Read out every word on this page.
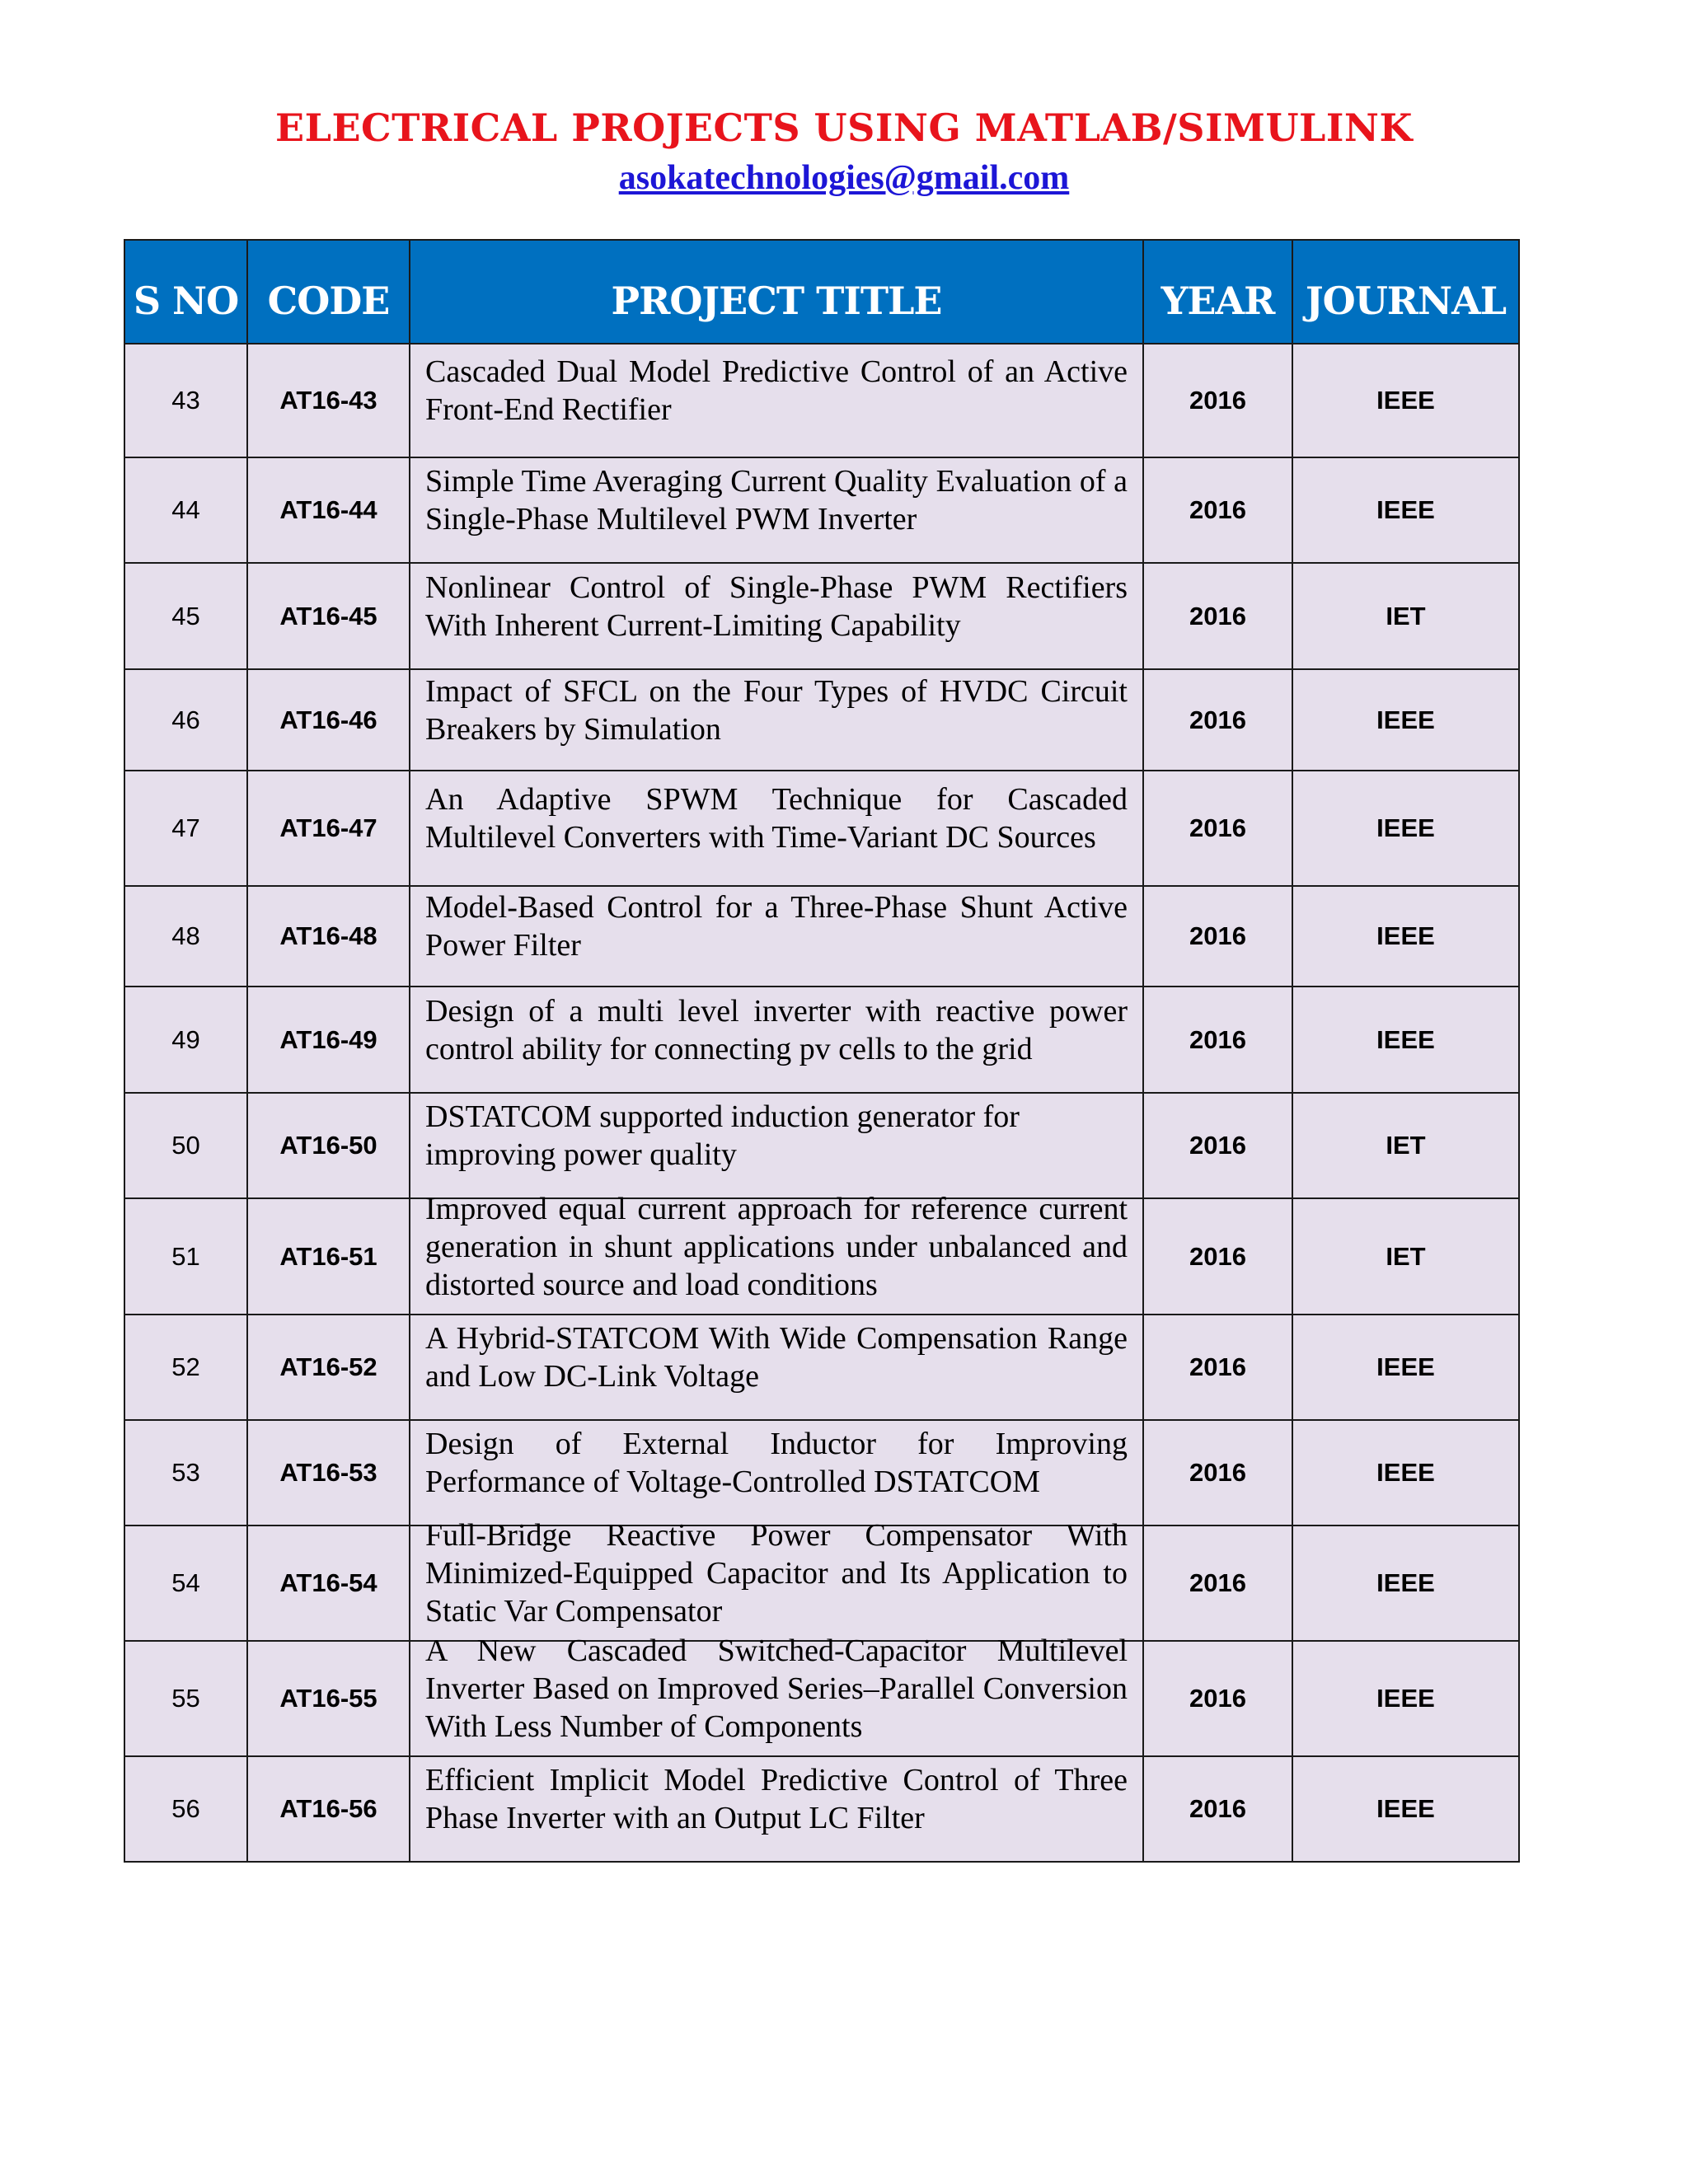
ELECTRICAL PROJECTS USING MATLAB/SIMULINK
asokatechnologies@gmail.com
S NO	CODE	PROJECT TITLE	YEAR	JOURNAL
43	AT16-43	Cascaded Dual Model Predictive Control of an Active Front-End Rectifier	2016	IEEE
44	AT16-44	Simple Time Averaging Current Quality Evaluation of a Single-Phase Multilevel PWM Inverter	2016	IEEE
45	AT16-45	Nonlinear Control of Single-Phase PWM Rectifiers With Inherent Current-Limiting Capability	2016	IET
46	AT16-46	Impact of SFCL on the Four Types of HVDC Circuit Breakers by Simulation	2016	IEEE
47	AT16-47	An Adaptive SPWM Technique for Cascaded Multilevel Converters with Time-Variant DC Sources	2016	IEEE
48	AT16-48	Model-Based Control for a Three-Phase Shunt Active Power Filter	2016	IEEE
49	AT16-49	Design of a multi level inverter with reactive power control ability for connecting pv cells to the grid	2016	IEEE
50	AT16-50	DSTATCOM supported induction generator for improving power quality	2016	IET
51	AT16-51	Improved equal current approach for reference current generation in shunt applications under unbalanced and distorted source and load conditions	2016	IET
52	AT16-52	A Hybrid-STATCOM With Wide Compensation Range and Low DC-Link Voltage	2016	IEEE
53	AT16-53	Design of External Inductor for Improving Performance of Voltage-Controlled DSTATCOM	2016	IEEE
54	AT16-54	Full-Bridge Reactive Power Compensator With Minimized-Equipped Capacitor and Its Application to Static Var Compensator	2016	IEEE
55	AT16-55	A New Cascaded Switched-Capacitor Multilevel Inverter Based on Improved Series–Parallel Conversion With Less Number of Components	2016	IEEE
56	AT16-56	Efficient Implicit Model Predictive Control of Three Phase Inverter with an Output LC Filter	2016	IEEE
